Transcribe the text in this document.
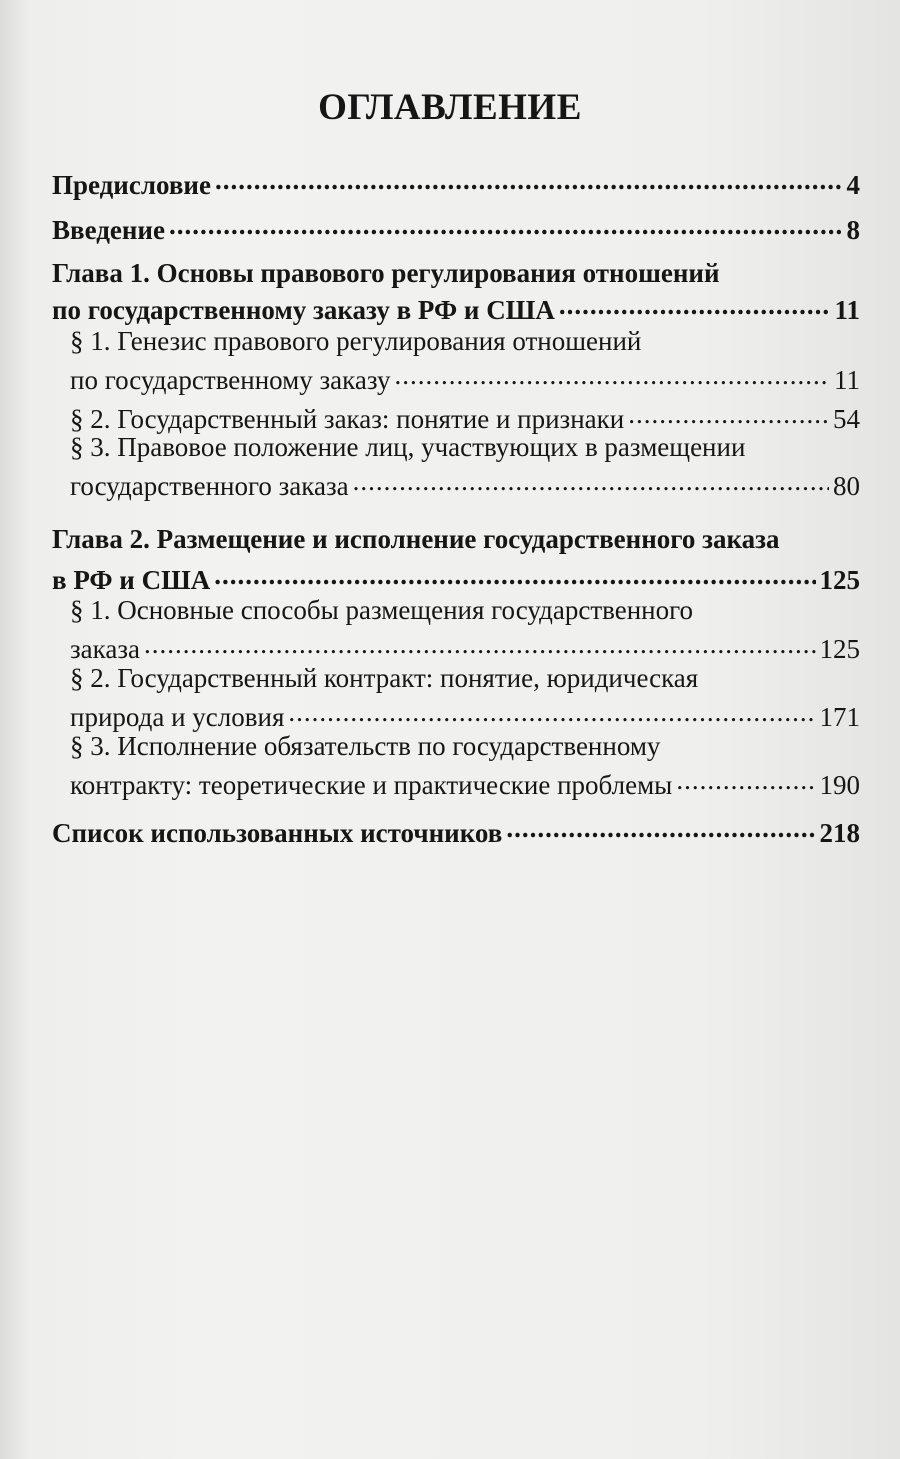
ОГЛАВЛЕНИЕ
Предисловие .....	4
Введение .....	8
Глава 1. Основы правового регулирования отношений
по государственному заказу в РФ и США .....	11
§ 1. Генезис правового регулирования отношений
по государственному заказу .....	11
§ 2. Государственный заказ: понятие и признаки .....	54
§ 3. Правовое положение лиц, участвующих в размещении
государственного заказа .....	80
Глава 2. Размещение и исполнение государственного заказа
в РФ и США .....	125
§ 1. Основные способы размещения государственного
заказа .....	125
§ 2. Государственный контракт: понятие, юридическая
природа и условия .....	171
§ 3. Исполнение обязательств по государственному
контракту: теоретические и практические проблемы .....	190
Список использованных источников .....	218
